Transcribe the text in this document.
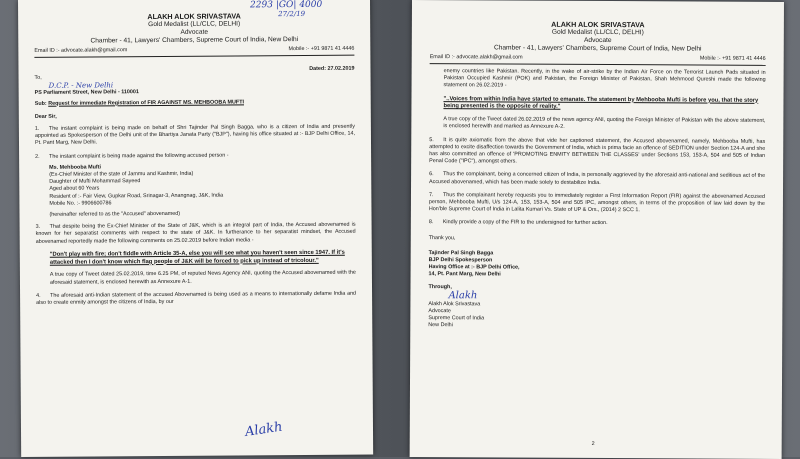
ALAKH ALOK SRIVASTAVA
Gold Medalist (LL/CLC, DELHI)
Advocate
Chamber - 41, Lawyers' Chambers, Supreme Court of India, New Delhi
Email ID :- advocate.alakh@gmail.com	Mobile :- +91 9871 41 4446
2293 |GO| 4000
27/2/19
Dated: 27.02.2019
To,
D.C.P. - New Delhi
PS Parliament Street, New Delhi - 110001
Sub: Request for immediate Registration of FIR AGAINST MS. MEHBOOBA MUFTI
Dear Sir,
1. The instant complaint is being made on behalf of Shri Tajinder Pal Singh Bagga, who is a citizen of India and presently appointed as Spokesperson of the Delhi unit of the Bhartiya Janata Party ("BJP"), having his office situated at :- BJP Delhi Office, 14, Pt. Pant Marg, New Delhi.
2. The instant complaint is being made against the following accused person -
Ms. Mehbooba Mufti
(Ex-Chief Minister of the state of Jammu and Kashmir, India)
Daughter of Mufti Mohammad Sayeed
Aged about 60 Years
Resident of :- Fair View, Gupkar Road, Srinagar-3, Anangnag, J&K, India
Mobile No. :- 9906600786
(hereinafter referred to as the "Accused" abovenamed)
3. That despite being the Ex-Chief Minister of the State of J&K, which is an integral part of India, the Accused abovenamed is known for her separatist comments with respect to the state of J&K. In furtherance to her separatist mindset, the Accused abovenamed reportedly made the following comments on 25.02.2019 before Indian media -
"Don't play with fire; don't fiddle with Article 35-A, else you will see what you haven't seen since 1947. If it's attacked then I don't know which flag people of J&K will be forced to pick up instead of tricolour."
A true copy of Tweet dated 25.02.2019, time 6.25 PM, of reputed News Agency ANI, quoting the Accused abovenamed with the aforesaid statement, is enclosed herewith as Annexure A-1.
4. The aforesaid anti-Indian statement of the accused Abovenamed is being used as a means to internationally defame India and also to create enmity amongst the citizens of India, by our
Alakh
ALAKH ALOK SRIVASTAVA
Gold Medalist (LL/CLC, DELHI)
Advocate
Chamber - 41, Lawyers' Chambers, Supreme Court of India, New Delhi
Email ID :- advocate.alakh@gmail.com	Mobile :- +91 9871 41 4446
enemy countries like Pakistan. Recently, in the wake of air-strike by the Indian Air Force on the Terrorist Launch Pads situated in Pakistan Occupied Kashmir (POK) and Pakistan, the Foreign Minister of Pakistan, Shah Mehmood Qureshi made the following statement on 26.02.2019 -
"..Voices from within India have started to emanate. The statement by Mehbooba Mufti is before you, that the story being presented is the opposite of reality."
A true copy of the Tweet dated 26.02.2019 of the news agency ANI, quoting the Foreign Minister of Pakistan with the above statement, is enclosed herewith and marked as Annexure A-2.
5. It is quite axiomatic from the above that vide her captioned statement, the Accused abovenamed, namely, Mehbooba Mufti, has attempted to excite disaffection towards the Government of India, which is prima facie an offence of SEDITION under Section 124-A and she has also committed an offence of 'PROMOTING ENMITY BETWEEN THE CLASSES' under Sections 153, 153-A, 504 and 505 of Indian Penal Code ("IPC"), amongst others.
6. Thus the complainant, being a concerned citizen of India, is personally aggrieved by the aforesaid anti-national and seditious act of the Accused abovenamed, which has been made solely to destabilize India.
7. Thus the complainant hereby requests you to immediately register a First Information Report (FIR) against the abovenamed Accused person, Mehbooba Mufti, U/s 124-A, 153, 153-A, 504 and 505 IPC, amongst others, in terms of the proposition of law laid down by the Hon'ble Supreme Court of India in Lalita Kumari Vs. State of UP & Ors., (2014) 2 SCC 1.
8. Kindly provide a copy of the FIR to the undersigned for further action.
Thank you,
Tajinder Pal Singh Bagga
BJP Delhi Spokesperson
Having Office at :- BJP Delhi Office,
14, Pt. Pant Marg, New Delhi
Through,
Alakh
Alakh Alok Srivastava
Advocate
Supreme Court of India
New Delhi
2
